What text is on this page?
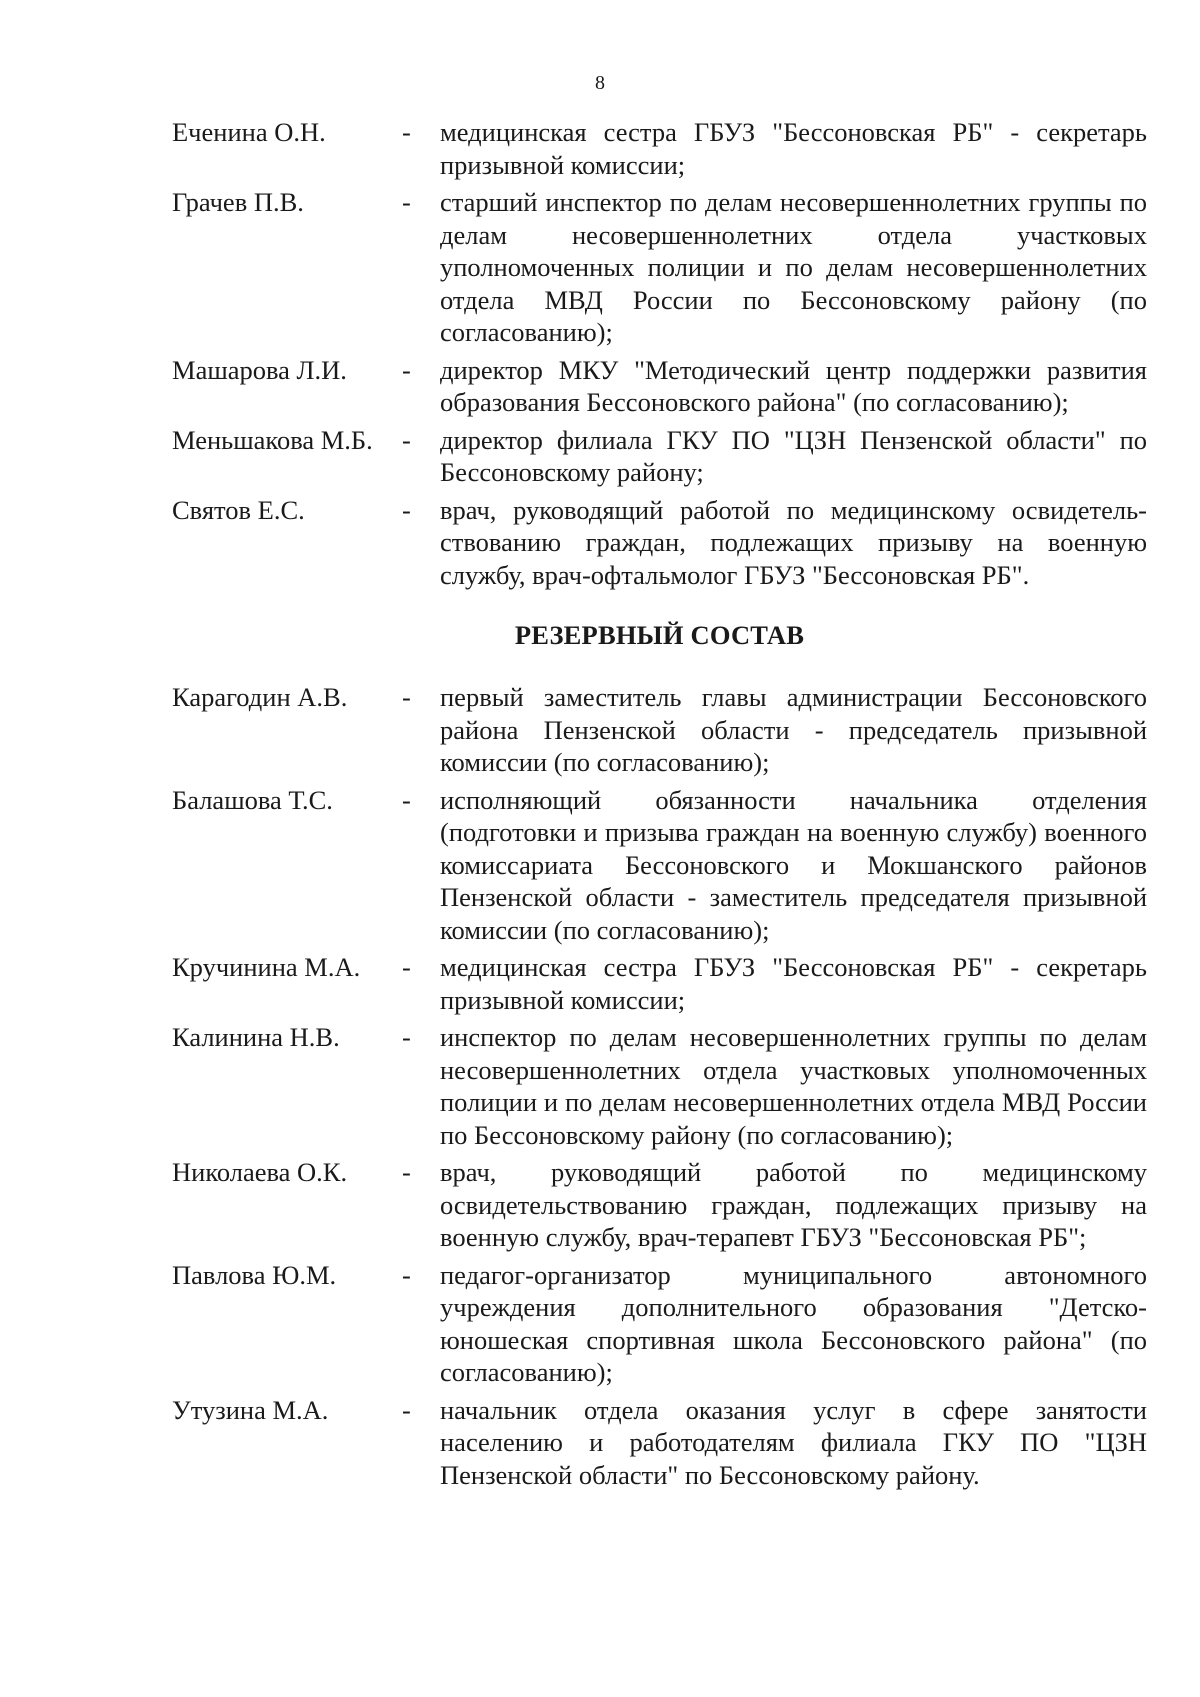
8
Еченина О.Н.	-	медицинская сестра ГБУЗ "Бессоновская РБ" - секретарь призывной комиссии;
Грачев П.В.	-	старший инспектор по делам несовершеннолетних группы по делам несовершеннолетних отдела участковых уполномоченных полиции и по делам несовершеннолетних отдела МВД России по Бессоновскому району (по согласованию);
Машарова Л.И.	-	директор МКУ "Методический центр поддержки развития образования Бессоновского района" (по согласованию);
Меньшакова М.Б.	-	директор филиала ГКУ ПО "ЦЗН Пензенской области" по Бессоновскому району;
Святов Е.С.	-	врач, руководящий работой по медицинскому освидетель-ствованию граждан, подлежащих призыву на военную службу, врач-офтальмолог ГБУЗ "Бессоновская РБ".
РЕЗЕРВНЫЙ СОСТАВ
Карагодин А.В.	-	первый заместитель главы администрации Бессоновского района Пензенской области - председатель призывной комиссии (по согласованию);
Балашова Т.С.	-	исполняющий обязанности начальника отделения (подготовки и призыва граждан на военную службу) военного комиссариата Бессоновского и Мокшанского районов Пензенской области - заместитель председателя призывной комиссии (по согласованию);
Кручинина М.А.	-	медицинская сестра ГБУЗ "Бессоновская РБ" - секретарь призывной комиссии;
Калинина Н.В.	-	инспектор по делам несовершеннолетних группы по делам несовершеннолетних отдела участковых уполномоченных полиции и по делам несовершеннолетних отдела МВД России по Бессоновскому району (по согласованию);
Николаева О.К.	-	врач, руководящий работой по медицинскому освидетельствованию граждан, подлежащих призыву на военную службу, врач-терапевт ГБУЗ "Бессоновская РБ";
Павлова Ю.М.	-	педагог-организатор муниципального автономного учреждения дополнительного образования "Детско-юношеская спортивная школа Бессоновского района" (по согласованию);
Утузина М.А.	-	начальник отдела оказания услуг в сфере занятости населению и работодателям филиала ГКУ ПО "ЦЗН Пензенской области" по Бессоновскому району.
